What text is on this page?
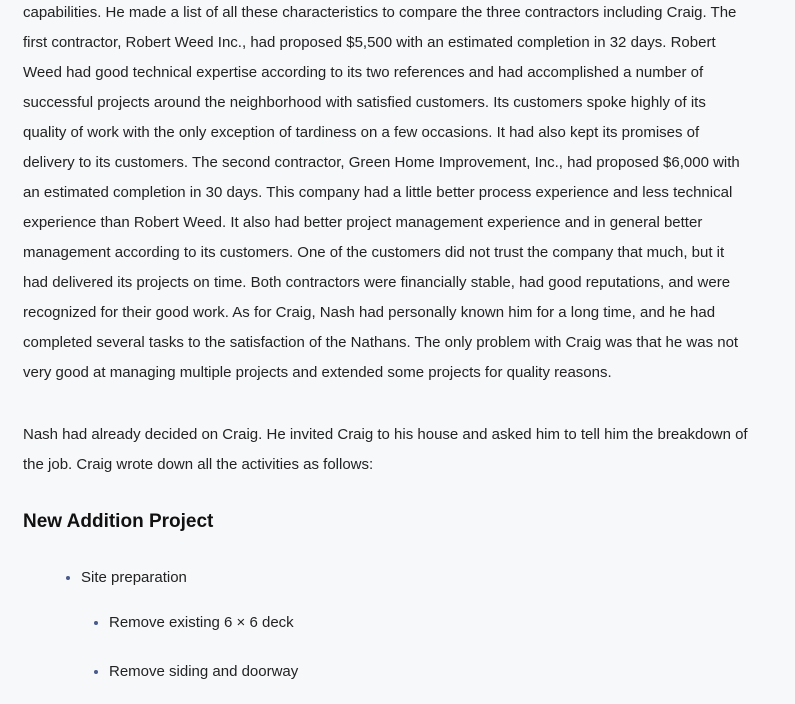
capabilities. He made a list of all these characteristics to compare the three contractors including Craig. The first contractor, Robert Weed Inc., had proposed $5,500 with an estimated completion in 32 days. Robert Weed had good technical expertise according to its two references and had accomplished a number of successful projects around the neighborhood with satisfied customers. Its customers spoke highly of its quality of work with the only exception of tardiness on a few occasions. It had also kept its promises of delivery to its customers. The second contractor, Green Home Improvement, Inc., had proposed $6,000 with an estimated completion in 30 days. This company had a little better process experience and less technical experience than Robert Weed. It also had better project management experience and in general better management according to its customers. One of the customers did not trust the company that much, but it had delivered its projects on time. Both contractors were financially stable, had good reputations, and were recognized for their good work. As for Craig, Nash had personally known him for a long time, and he had completed several tasks to the satisfaction of the Nathans. The only problem with Craig was that he was not very good at managing multiple projects and extended some projects for quality reasons.

Nash had already decided on Craig. He invited Craig to his house and asked him to tell him the breakdown of the job. Craig wrote down all the activities as follows:

New Addition Project

Site preparation

Remove existing 6 × 6 deck

Remove siding and doorway
